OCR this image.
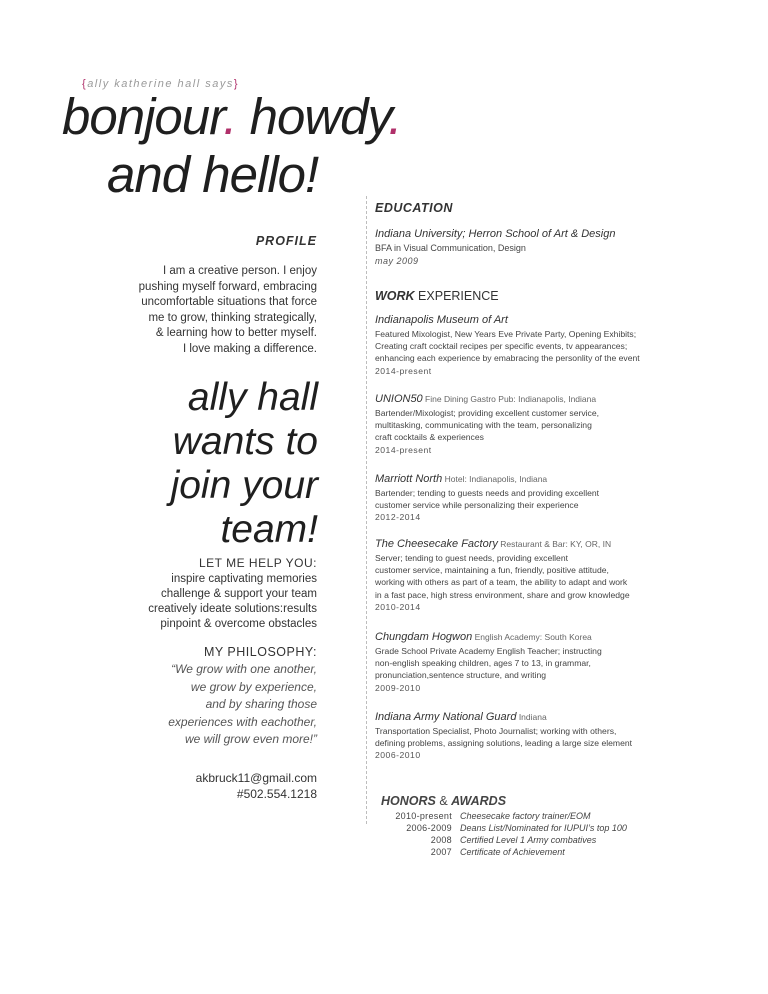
{ally katherine hall says}
bonjour. howdy.
and hello!
PROFILE
I am a creative person. I enjoy
pushing myself forward, embracing
uncomfortable situations that force
me to grow, thinking strategically,
& learning how to better myself.
I love making a difference.
ally hall
wants to
join your
team!
LET ME HELP YOU:
inspire captivating memories
challenge & support your team
creatively ideate solutions:results
pinpoint & overcome obstacles
MY PHILOSOPHY:
“We grow with one another,
we grow by experience,
and by sharing those
experiences with eachother,
we will grow even more!”
akbruck11@gmail.com
#502.554.1218
EDUCATION
Indiana University; Herron School of Art & Design
BFA in Visual Communication, Design
may 2009
WORK EXPERIENCE
Indianapolis Museum of Art
Featured Mixologist, New Years Eve Private Party, Opening Exhibits;
Creating craft cocktail recipes per specific events, tv appearances;
enhancing each experience by emabracing the personlity of the event
2014-present
UNION50 Fine Dining Gastro Pub: Indianapolis, Indiana
Bartender/Mixologist; providing excellent customer service,
multitasking, communicating with the team, personalizing
craft cocktails & experiences
2014-present
Marriott North Hotel: Indianapolis, Indiana
Bartender; tending to guests needs and providing excellent
customer service while personalizing their experience
2012-2014
The Cheesecake Factory Restaurant & Bar: KY, OR, IN
Server; tending to guest needs, providing excellent
customer service, maintaining a fun, friendly, positive attitude,
working with others as part of a team, the ability to adapt and work
in a fast pace, high stress environment, share and grow knowledge
2010-2014
Chungdam Hogwon English Academy: South Korea
Grade School Private Academy English Teacher; instructing
non-english speaking children, ages 7 to 13, in grammar,
pronunciation,sentence structure, and writing
2009-2010
Indiana Army National Guard Indiana
Transportation Specialist, Photo Journalist; working with others,
defining problems, assigning solutions, leading a large size element
2006-2010
HONORS & AWARDS
2010-present Cheesecake factory trainer/EOM
2006-2009 Deans List/Nominated for IUPUI’s top 100
2008 Certified Level 1 Army combatives
2007 Certificate of Achievement
